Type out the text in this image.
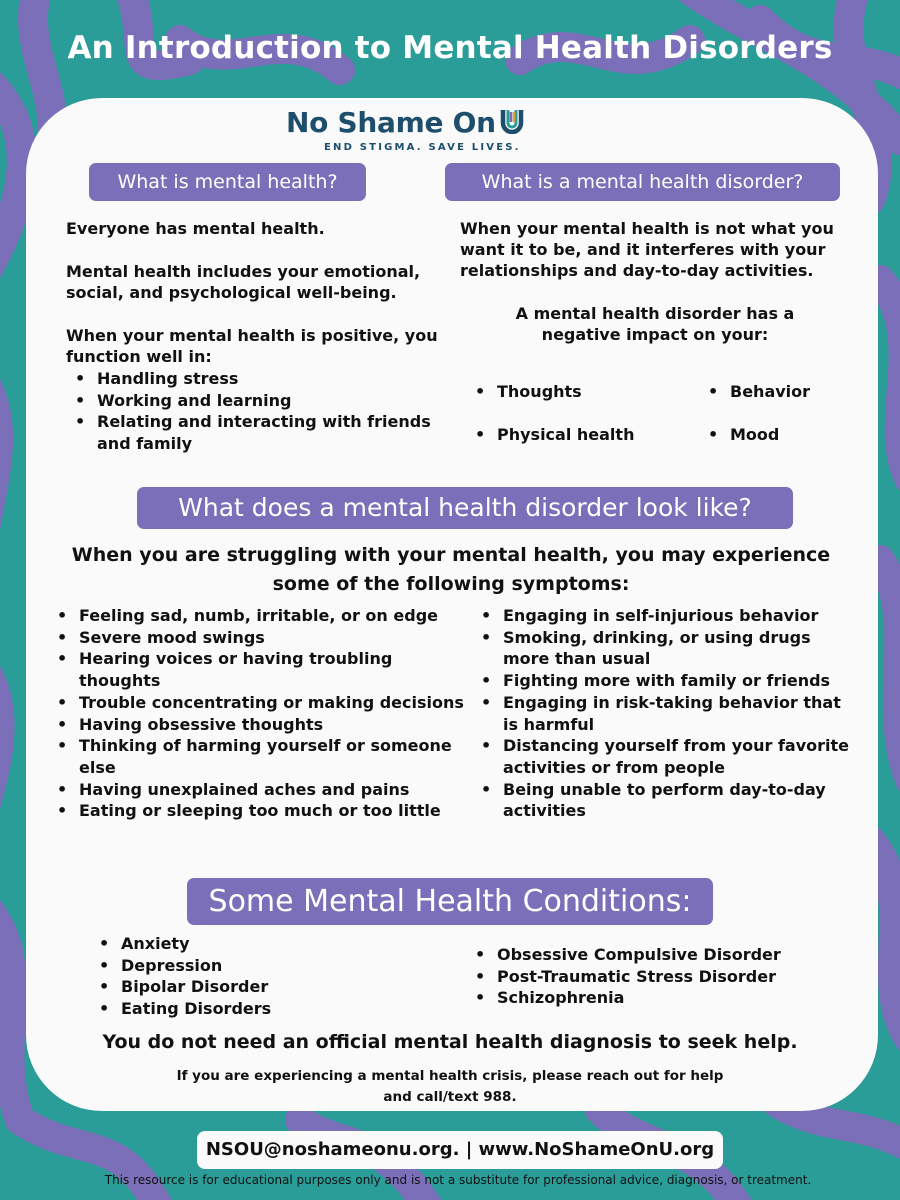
An Introduction to Mental Health Disorders
No Shame On	U
END STIGMA. SAVE LIVES.
What is mental health?
Everyone has mental health.
Mental health includes your emotional, social, and psychological well-being.
When your mental health is positive, you function well in:
• Handling stress
• Working and learning
• Relating and interacting with friends and family
What is a mental health disorder?
When your mental health is not what you want it to be, and it interferes with your relationships and day-to-day activities.
A mental health disorder has a negative impact on your:
• Thoughts	• Behavior
• Physical health	• Mood
What does a mental health disorder look like?
When you are struggling with your mental health, you may experience some of the following symptoms:
• Feeling sad, numb, irritable, or on edge
• Severe mood swings
• Hearing voices or having troubling thoughts
• Trouble concentrating or making decisions
• Having obsessive thoughts
• Thinking of harming yourself or someone else
• Having unexplained aches and pains
• Eating or sleeping too much or too little
• Engaging in self-injurious behavior
• Smoking, drinking, or using drugs more than usual
• Fighting more with family or friends
• Engaging in risk-taking behavior that is harmful
• Distancing yourself from your favorite activities or from people
• Being unable to perform day-to-day activities
Some Mental Health Conditions:
• Anxiety
• Depression
• Bipolar Disorder
• Eating Disorders
• Obsessive Compulsive Disorder
• Post-Traumatic Stress Disorder
• Schizophrenia
You do not need an official mental health diagnosis to seek help.
If you are experiencing a mental health crisis, please reach out for help and call/text 988.
NSOU@noshameonu.org. | www.NoShameOnU.org
This resource is for educational purposes only and is not a substitute for professional advice, diagnosis, or treatment.
